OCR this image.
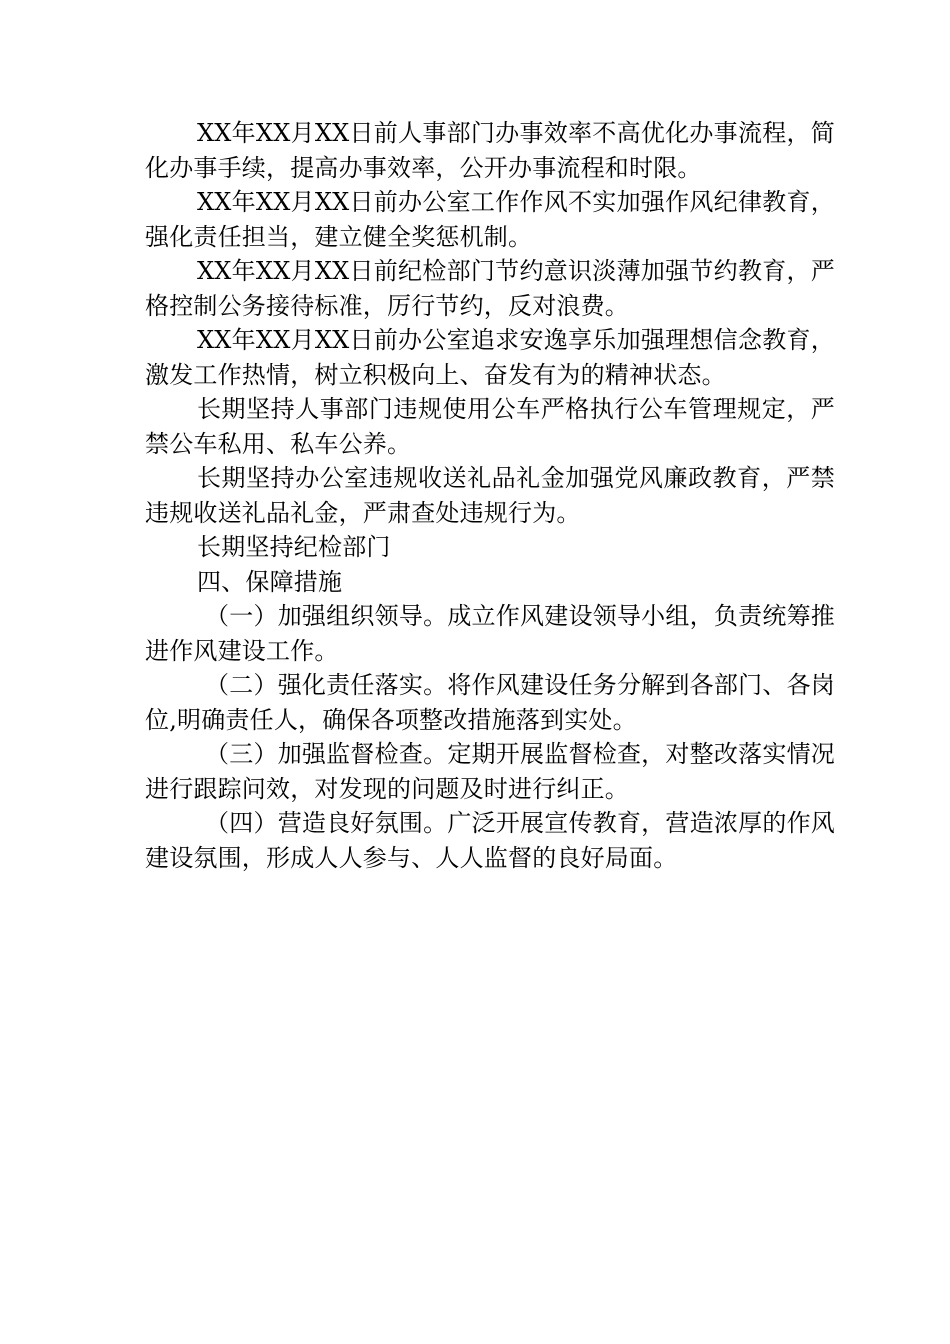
XX年XX月XX日前人事部门办事效率不高优化办事流程，简化办事手续，提高办事效率，公开办事流程和时限。

XX年XX月XX日前办公室工作作风不实加强作风纪律教育，强化责任担当，建立健全奖惩机制。

XX年XX月XX日前纪检部门节约意识淡薄加强节约教育，严格控制公务接待标准，厉行节约，反对浪费。

XX年XX月XX日前办公室追求安逸享乐加强理想信念教育，激发工作热情，树立积极向上、奋发有为的精神状态。

长期坚持人事部门违规使用公车严格执行公车管理规定，严禁公车私用、私车公养。

长期坚持办公室违规收送礼品礼金加强党风廉政教育，严禁违规收送礼品礼金，严肃查处违规行为。

长期坚持纪检部门

四、保障措施

（一）加强组织领导。成立作风建设领导小组，负责统筹推进作风建设工作。

（二）强化责任落实。将作风建设任务分解到各部门、各岗位,明确责任人，确保各项整改措施落到实处。

（三）加强监督检查。定期开展监督检查，对整改落实情况进行跟踪问效，对发现的问题及时进行纠正。

（四）营造良好氛围。广泛开展宣传教育，营造浓厚的作风建设氛围，形成人人参与、人人监督的良好局面。
